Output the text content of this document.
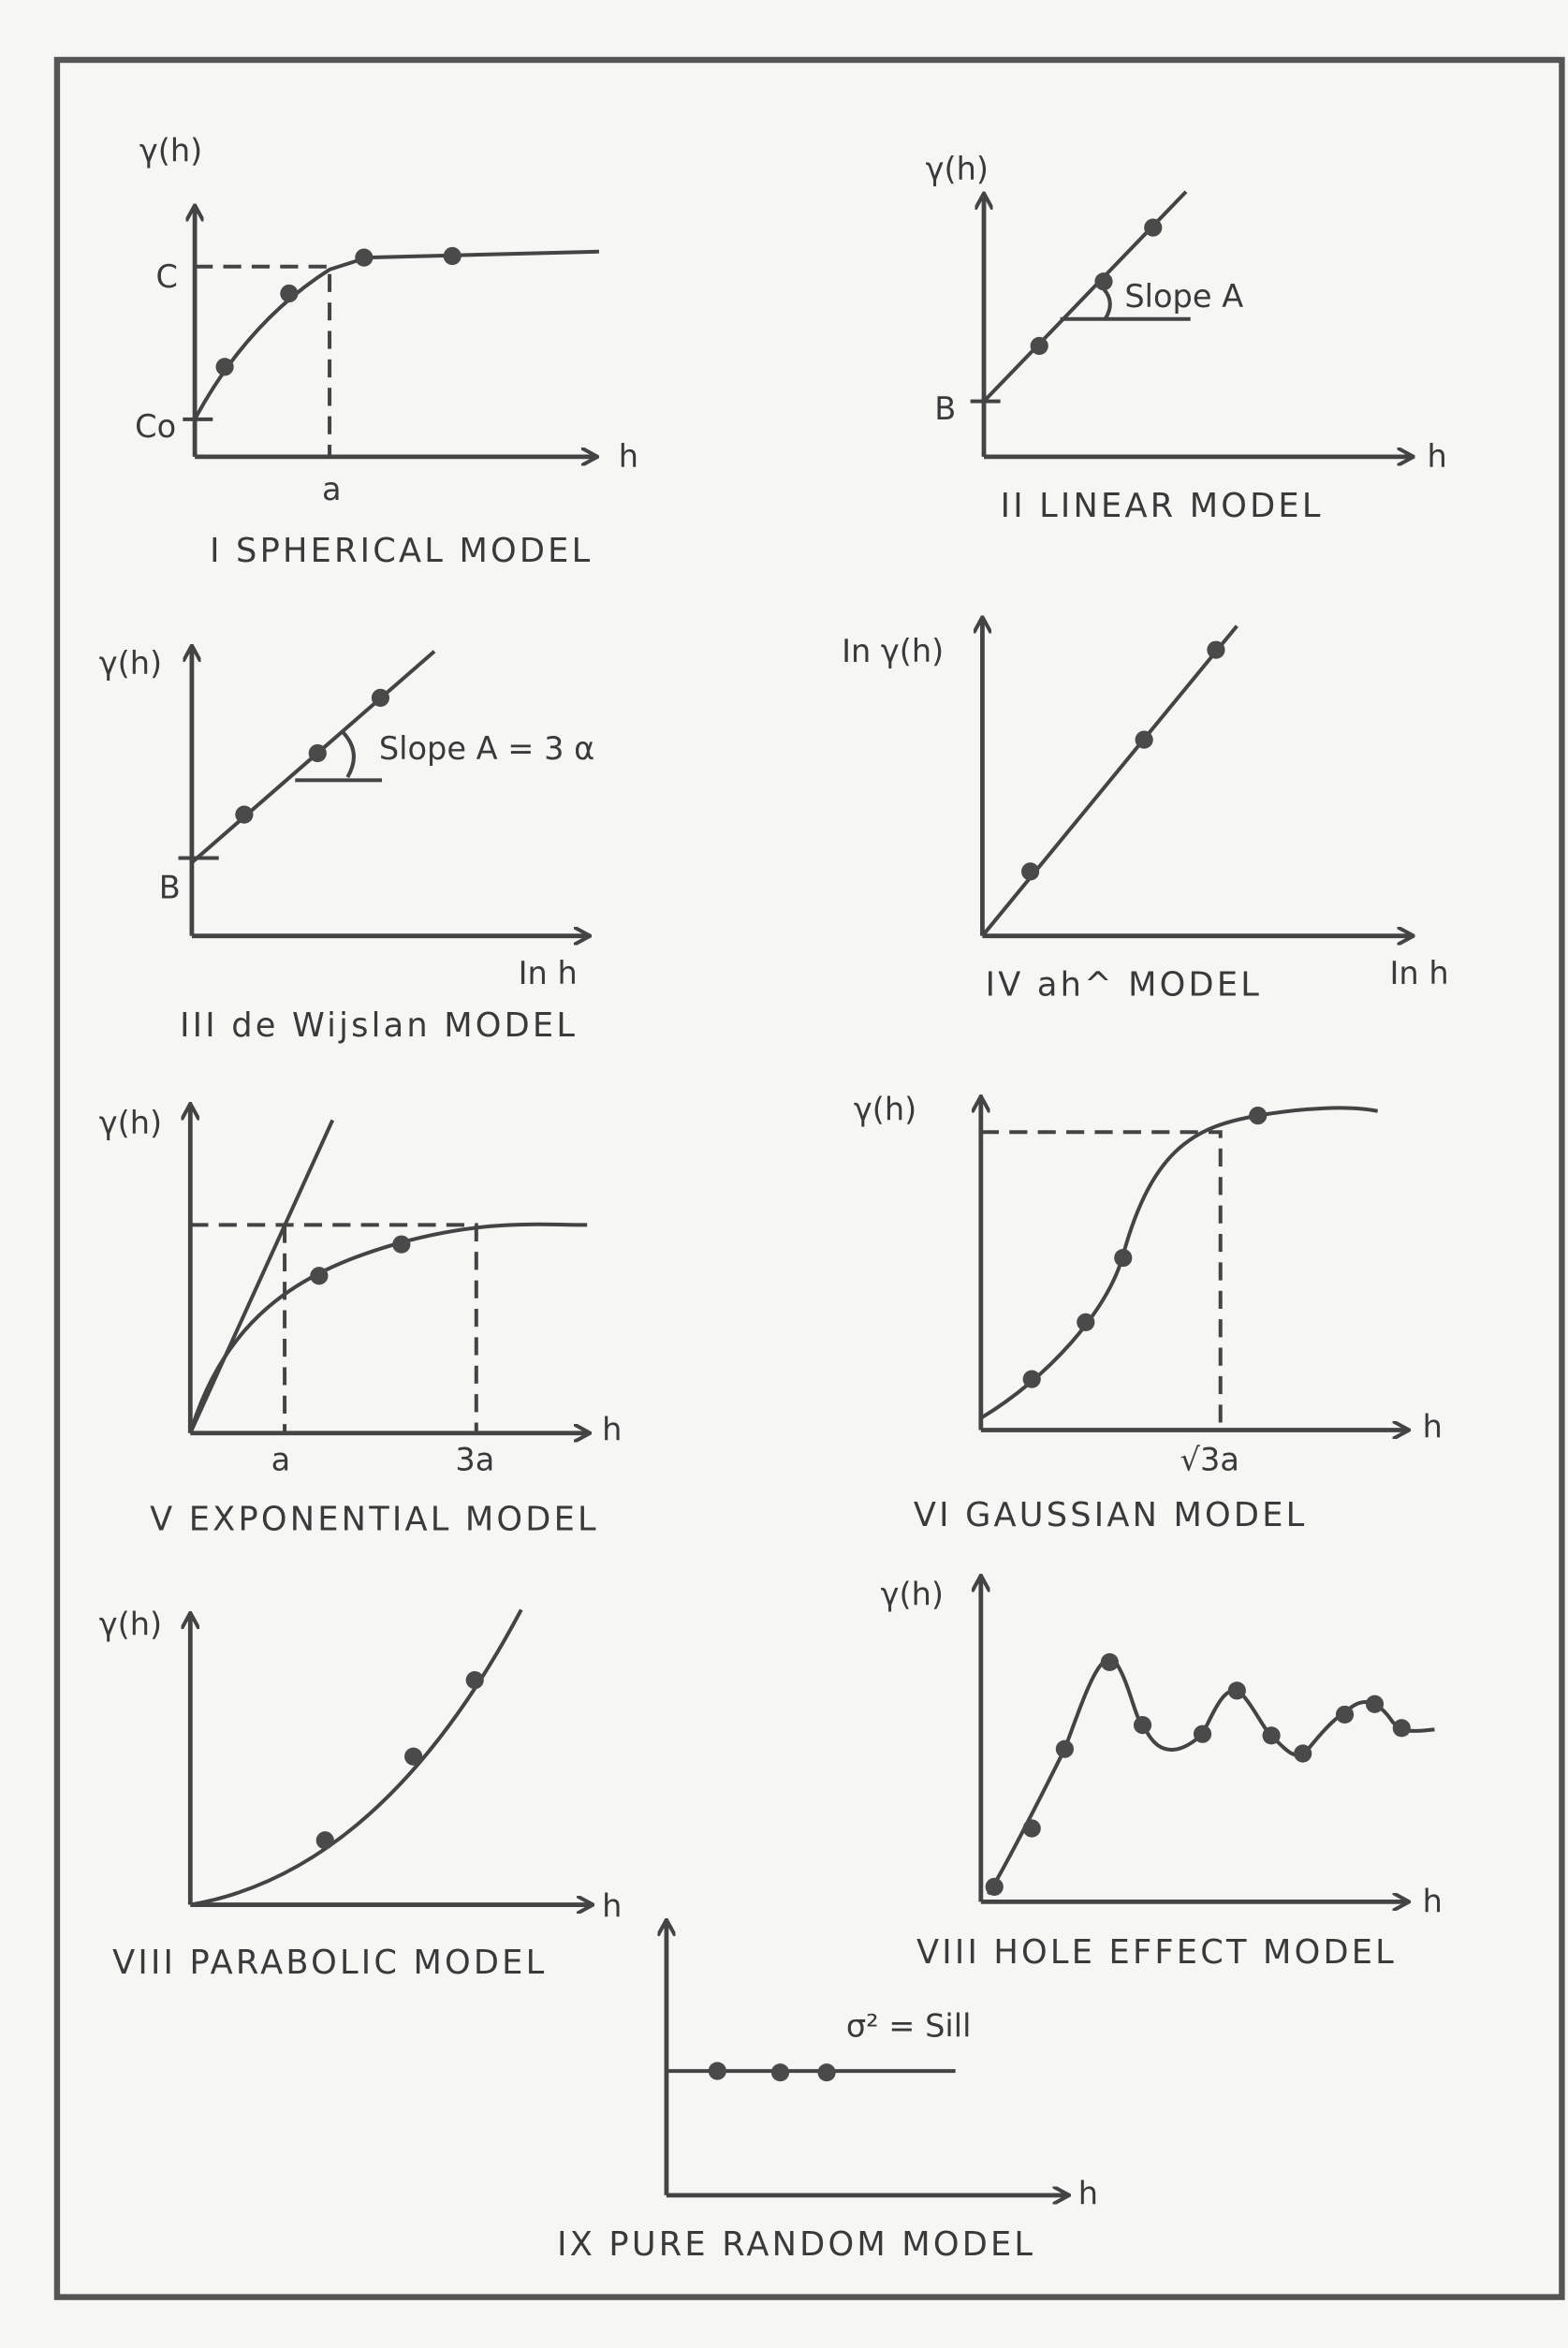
γ(h)
C
Co
a
h
I SPHERICAL MODEL
γ(h)
B
Slope A
h
II LINEAR MODEL
γ(h)
B
Slope A = 3 α
In h
III de Wijslan MODEL
In γ(h)
In h
IV ah^ MODEL
γ(h)
a	3a
h
V EXPONENTIAL MODEL
γ(h)
√3a
h
VI GAUSSIAN MODEL
γ(h)
h
VIII PARABOLIC MODEL
γ(h)
h
VIII HOLE EFFECT MODEL
σ² = Sill
h
IX PURE RANDOM MODEL
